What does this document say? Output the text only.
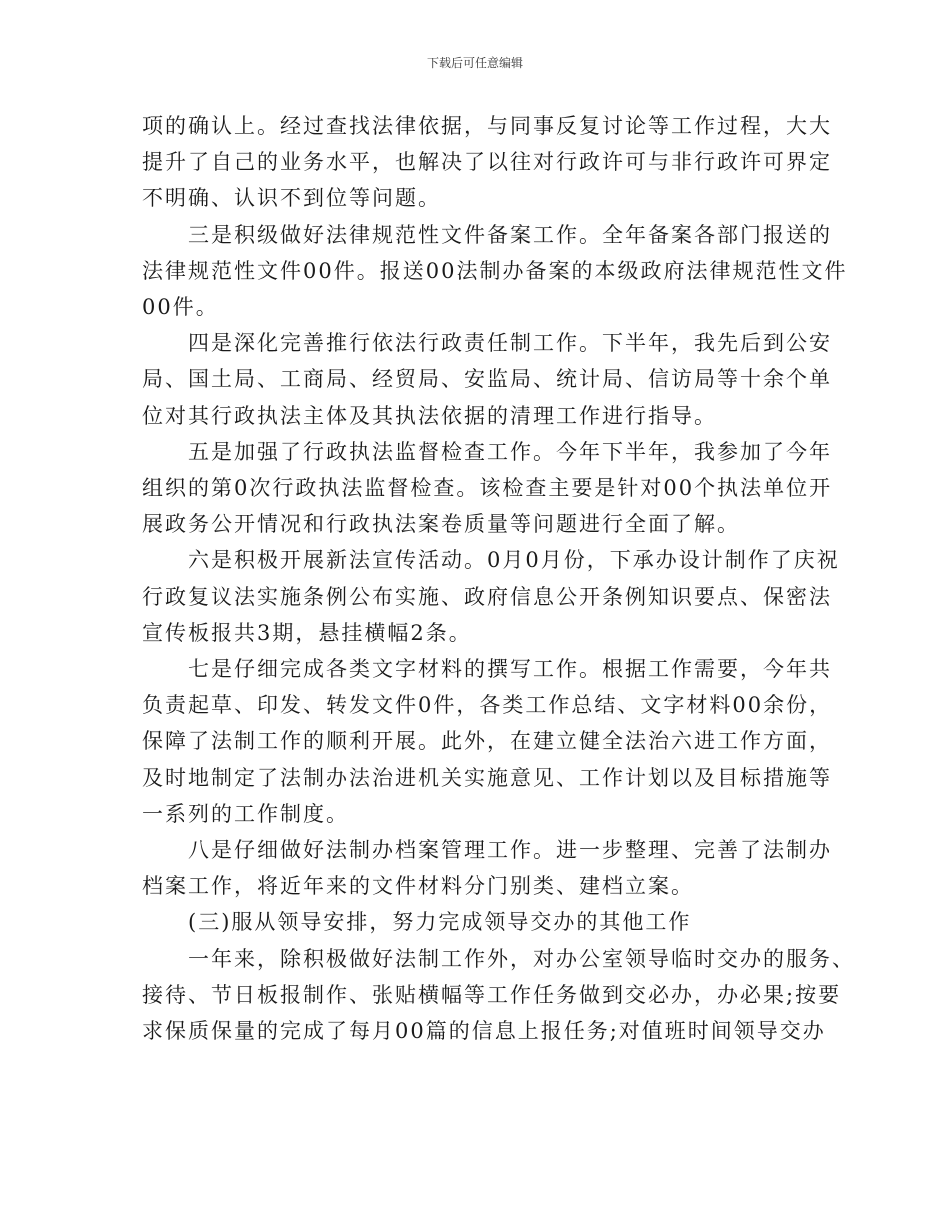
下载后可任意编辑
项的确认上。经过查找法律依据，与同事反复讨论等工作过程，大大
提升了自己的业务水平，也解决了以往对行政许可与非行政许可界定
不明确、认识不到位等问题。
三是积级做好法律规范性文件备案工作。全年备案各部门报送的
法律规范性文件00件。报送00法制办备案的本级政府法律规范性文件
00件。
四是深化完善推行依法行政责任制工作。下半年，我先后到公安
局、国土局、工商局、经贸局、安监局、统计局、信访局等十余个单
位对其行政执法主体及其执法依据的清理工作进行指导。
五是加强了行政执法监督检查工作。今年下半年，我参加了今年
组织的第0次行政执法监督检查。该检查主要是针对00个执法单位开
展政务公开情况和行政执法案卷质量等问题进行全面了解。
六是积极开展新法宣传活动。0月0月份，下承办设计制作了庆祝
行政复议法实施条例公布实施、政府信息公开条例知识要点、保密法
宣传板报共3期，悬挂横幅2条。
七是仔细完成各类文字材料的撰写工作。根据工作需要，今年共
负责起草、印发、转发文件0件，各类工作总结、文字材料00余份，
保障了法制工作的顺利开展。此外，在建立健全法治六进工作方面，
及时地制定了法制办法治进机关实施意见、工作计划以及目标措施等
一系列的工作制度。
八是仔细做好法制办档案管理工作。进一步整理、完善了法制办
档案工作，将近年来的文件材料分门别类、建档立案。
(三)服从领导安排，努力完成领导交办的其他工作
一年来，除积极做好法制工作外，对办公室领导临时交办的服务、
接待、节日板报制作、张贴横幅等工作任务做到交必办，办必果;按要
求保质保量的完成了每月00篇的信息上报任务;对值班时间领导交办
